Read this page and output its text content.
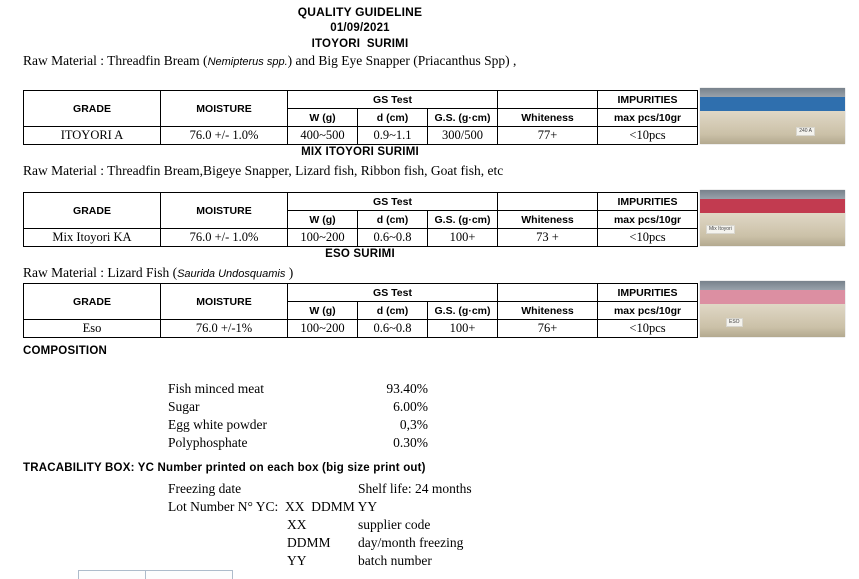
QUALITY GUIDELINE
01/09/2021
ITOYORI  SURIMI
Raw Material : Threadfin Bream (Nemipterus spp.) and Big Eye Snapper (Priacanthus Spp) ,
GRADE	MOISTURE	GS Test				IMPURITIES
		W (g)	d (cm)	G.S. (g·cm)	Whiteness	max pcs/10gr
ITOYORI A	76.0 +/- 1.0%	400~500	0.9~1.1	300/500	77+	<10pcs
MIX ITOYORI SURIMI
Raw Material : Threadfin Bream,Bigeye Snapper, Lizard fish, Ribbon fish, Goat fish, etc
GRADE	MOISTURE	GS Test				IMPURITIES
		W (g)	d (cm)	G.S. (g·cm)	Whiteness	max pcs/10gr
Mix Itoyori KA	76.0 +/- 1.0%	100~200	0.6~0.8	100+	73 +	<10pcs
ESO SURIMI
Raw Material : Lizard Fish (Saurida Undosquamis )
GRADE	MOISTURE	GS Test				IMPURITIES
		W (g)	d (cm)	G.S. (g·cm)	Whiteness	max pcs/10gr
Eso	76.0 +/-1%	100~200	0.6~0.8	100+	76+	<10pcs
COMPOSITION
Fish minced meat	93.40%
Sugar	6.00%
Egg white powder	0,3%
Polyphosphate	0.30%
TRACABILITY BOX: YC Number printed on each box (big size print out)
Freezing date	Shelf life: 24 months
Lot Number N° YC:  XX  DDMM YY
XX	supplier code
DDMM day/month freezing
YY	batch number
240 A
Mix Itoyori
ESO
